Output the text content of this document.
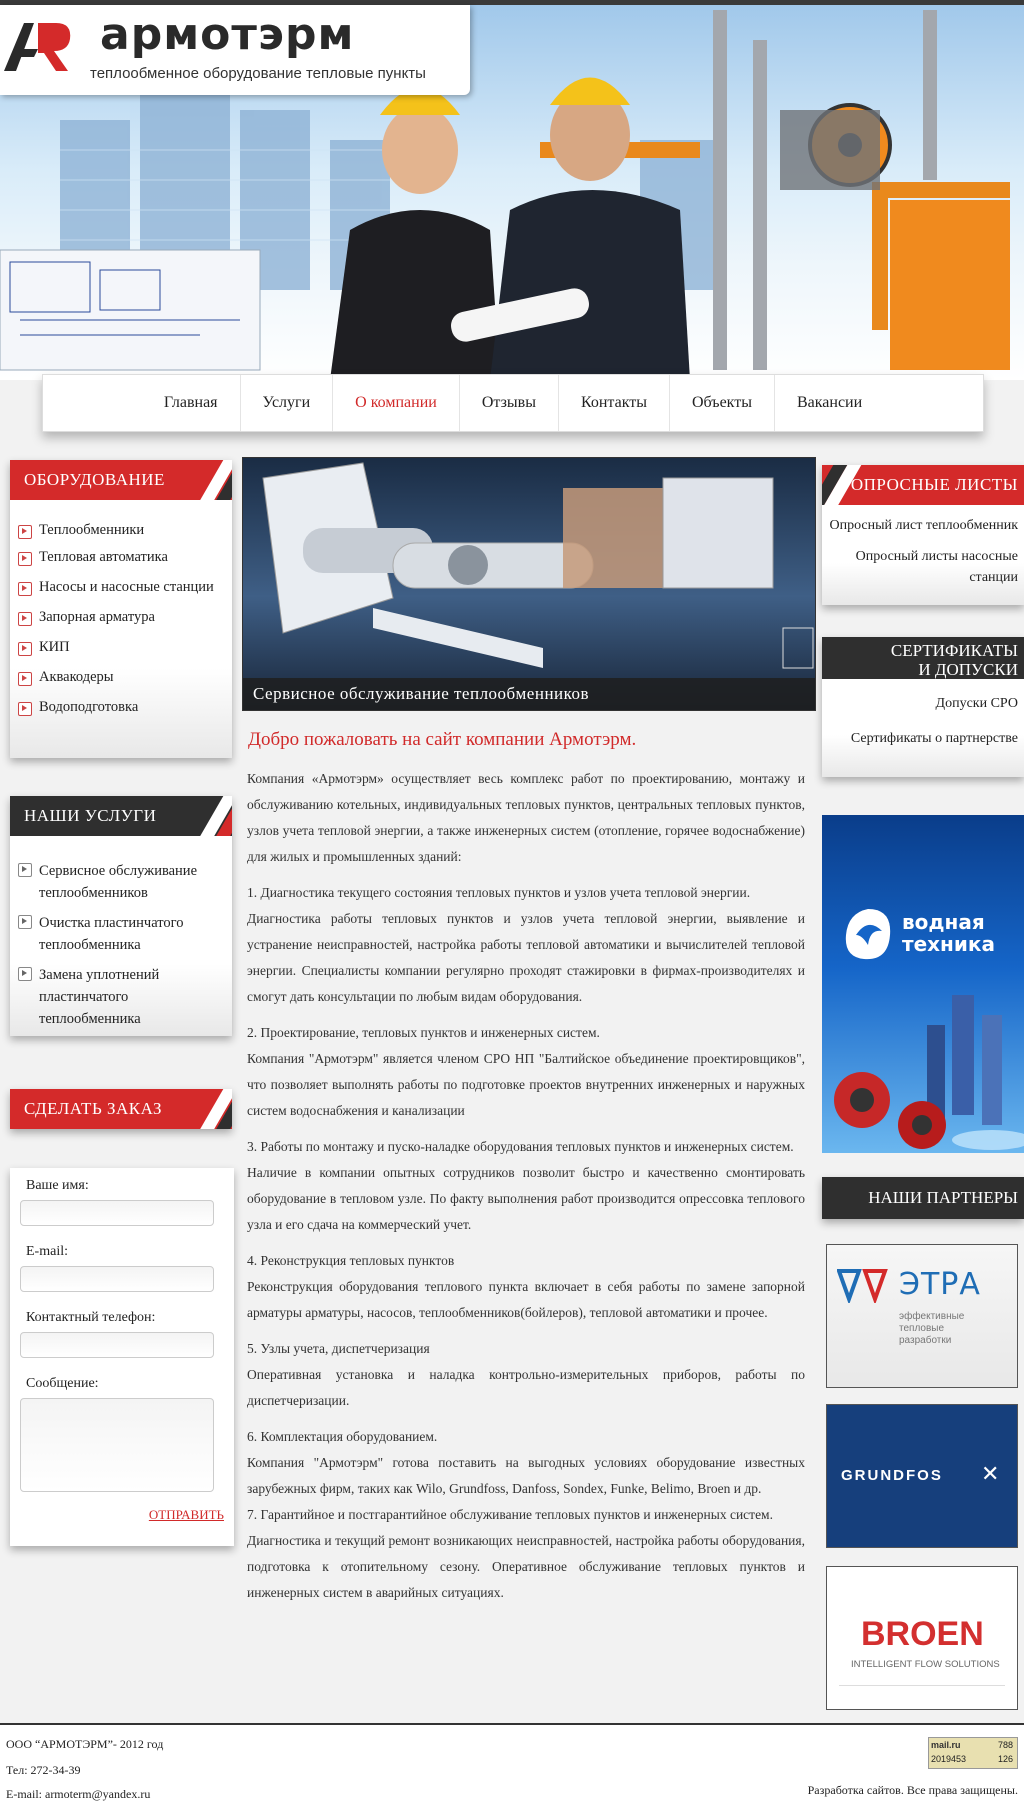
армотэрм
теплообменное оборудование тепловые пункты
Главная	Услуги	О компании	Отзывы	Контакты	Объекты	Вакансии
ОБОРУДОВАНИЕ
Теплообменники
Тепловая автоматика
Насосы и насосные станции
Запорная арматура
КИП
Аквакодеры
Водоподготовка
НАШИ УСЛУГИ
Сервисное обслуживание теплообменников
Очистка пластинчатого теплообменника
Замена уплотнений пластинчатого теплообменника
СДЕЛАТЬ ЗАКАЗ
Ваше имя:
E-mail:
Контактный телефон:
Сообщение:
ОТПРАВИТЬ
Сервисное обслуживание теплообменников
Добро пожаловать на сайт компании Армотэрм.

Компания «Армотэрм» осуществляет весь комплекс работ по проектированию, монтажу и обслуживанию котельных, индивидуальных тепловых пунктов, центральных тепловых пунктов, узлов учета тепловой энергии, а также инженерных систем (отопление, горячее водоснабжение) для жилых и промышленных зданий:

1. Диагностика текущего состояния тепловых пунктов и узлов учета тепловой энергии.

Диагностика работы тепловых пунктов и узлов учета тепловой энергии, выявление и устранение неисправностей, настройка работы тепловой автоматики и вычислителей тепловой энергии. Специалисты компании регулярно проходят стажировки в фирмах-производителях и смогут дать консультации по любым видам оборудования.

2. Проектирование, тепловых пунктов и инженерных систем.

Компания "Армотэрм" является членом СРО НП "Балтийское объединение проектировщиков", что позволяет выполнять работы по подготовке проектов внутренних инженерных и наружных систем водоснабжения и канализации

3. Работы по монтажу и пуско-наладке оборудования тепловых пунктов и инженерных систем.

Наличие в компании опытных сотрудников позволит быстро и качественно смонтировать оборудование в тепловом узле. По факту выполнения работ производится опрессовка теплового узла и его сдача на коммерческий учет.

4. Реконструкция тепловых пунктов

Реконструкция оборудования теплового пункта включает в себя работы по замене запорной арматуры арматуры, насосов, теплообменников(бойлеров), тепловой автоматики и прочее.

5. Узлы учета, диспетчеризация

Оперативная установка и наладка контрольно-измерительных приборов, работы по диспетчеризации.

6. Комплектация оборудованием.

Компания "Армотэрм" готова поставить на выгодных условиях оборудование известных зарубежных фирм, таких как Wilo, Grundfoss, Danfoss, Sondex, Funke, Belimo, Broen и др.

7. Гарантийное и постгарантийное обслуживание тепловых пунктов и инженерных систем.

Диагностика и текущий ремонт возникающих неисправностей, настройка работы оборудования, подготовка к отопительному сезону. Оперативное обслуживание тепловых пунктов и инженерных систем в аварийных ситуациях.

ОПРОСНЫЕ ЛИСТЫ
Опросный лист теплообменник
Опросный листы насосные станции
СЕРТИФИКАТЫ
И ДОПУСКИ
Допуски СРО
Сертификаты о партнерстве
водная
техника
НАШИ ПАРТНЕРЫ
ЭТРА
эффективные
тепловые
разработки
GRUNDFOS ✕
BROEN
INTELLIGENT FLOW SOLUTIONS
ООО “АРМОТЭРМ”- 2012 год
Тел: 272-34-39
E-mail: armoterm@yandex.ru	Разработка сайтов. Все права защищены.
mail.ru	788
2019453	126
